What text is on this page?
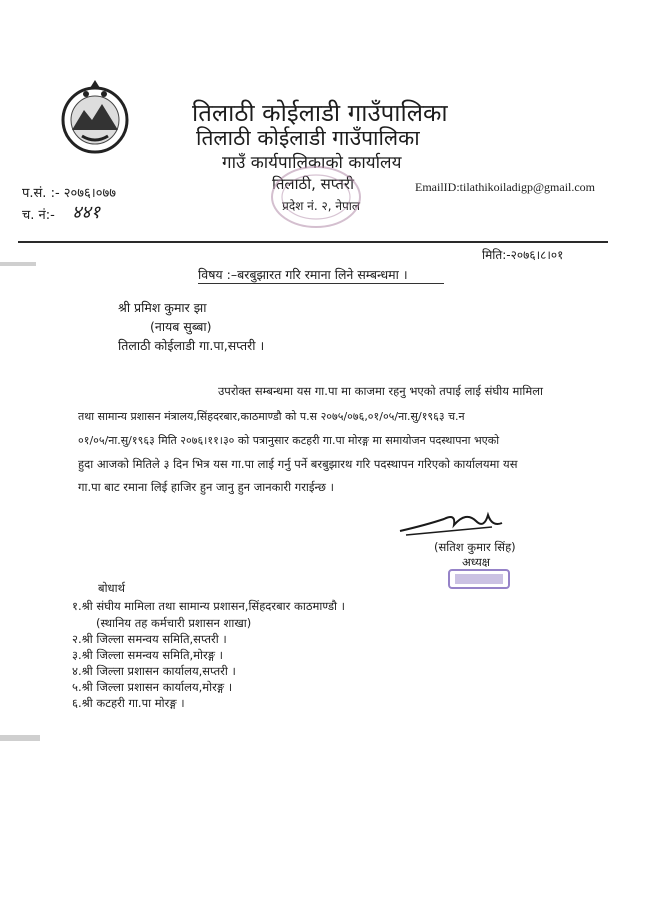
तिलाठी कोईलाडी गाउँपालिका
तिलाठी कोईलाडी गाउँपालिका
गाउँ कार्यपालिकाको कार्यालय
तिलाठी, सप्तरी
प्रदेश नं. २, नेपाल
EmailID:tilathikoiladigp@gmail.com
प.सं. :- २०७६।०७७
च. नं:- ४४१
मिति:-२०७६।८।०१
विषय :–बरबुझारत गरि रमाना लिने सम्बन्धमा ।
श्री प्रमिश कुमार झा
(नायब सुब्बा)
तिलाठी कोईलाडी गा.पा,सप्तरी ।
उपरोक्त सम्बन्धमा यस गा.पा मा काजमा रहनु भएको तपाई लाई संघीय मामिला
तथा सामान्य प्रशासन मंत्रालय,सिंहदरबार,काठमाण्डौ को प.स २०७५/०७६,०१/०५/ना.सु/१९६३ च.न
०१/०५/ना.सु/१९६३ मिति २०७६।११।३० को पत्रानुसार कटहरी गा.पा मोरङ्ग मा समायोजन पदस्थापना भएको
हुदा आजको मितिले ३ दिन भित्र यस गा.पा लाई गर्नु पर्ने बरबुझारथ गरि पदस्थापन गरिएको कार्यालयमा यस
गा.पा बाट रमाना लिई हाजिर हुन जानु हुन जानकारी गराईन्छ ।
(सतिश कुमार सिंह)
अध्यक्ष
बोधार्थ
१.श्री संघीय मामिला तथा सामान्य प्रशासन,सिंहदरबार काठमाण्डौ ।
(स्थानिय तह कर्मचारी प्रशासन शाखा)
२.श्री जिल्ला समन्वय समिति,सप्तरी ।
३.श्री जिल्ला समन्वय समिति,मोरङ्ग ।
४.श्री जिल्ला प्रशासन कार्यालय,सप्तरी ।
५.श्री जिल्ला प्रशासन कार्यालय,मोरङ्ग ।
६.श्री कटहरी गा.पा मोरङ्ग ।
